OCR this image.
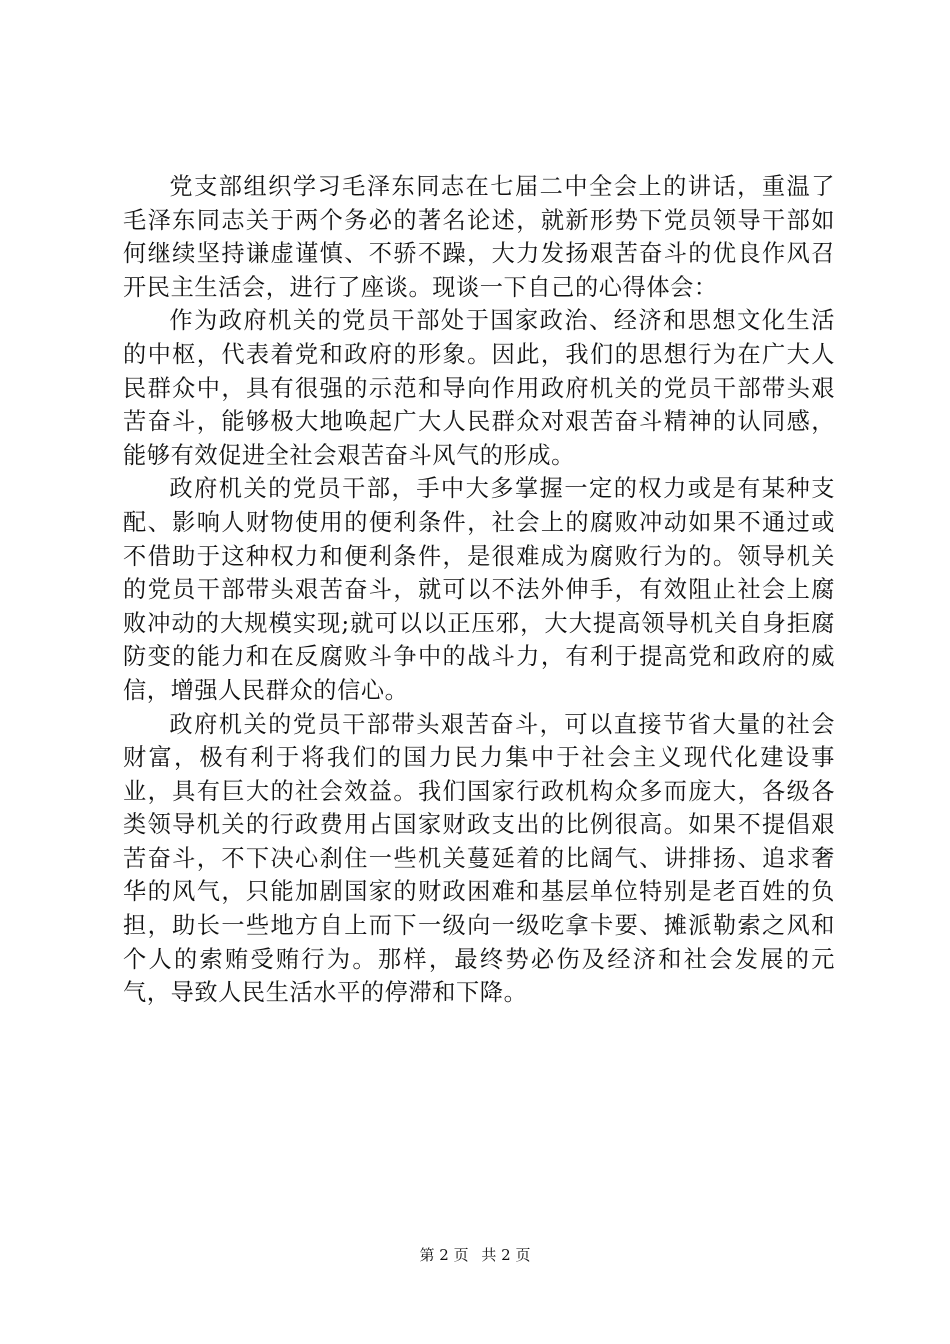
党支部组织学习毛泽东同志在七届二中全会上的讲话，重温了毛泽东同志关于两个务必的著名论述，就新形势下党员领导干部如何继续坚持谦虚谨慎、不骄不躁，大力发扬艰苦奋斗的优良作风召开民主生活会，进行了座谈。现谈一下自己的心得体会：

作为政府机关的党员干部处于国家政治、经济和思想文化生活的中枢，代表着党和政府的形象。因此，我们的思想行为在广大人民群众中，具有很强的示范和导向作用政府机关的党员干部带头艰苦奋斗，能够极大地唤起广大人民群众对艰苦奋斗精神的认同感，能够有效促进全社会艰苦奋斗风气的形成。

政府机关的党员干部，手中大多掌握一定的权力或是有某种支配、影响人财物使用的便利条件，社会上的腐败冲动如果不通过或不借助于这种权力和便利条件，是很难成为腐败行为的。领导机关的党员干部带头艰苦奋斗，就可以不法外伸手，有效阻止社会上腐败冲动的大规模实现;就可以以正压邪，大大提高领导机关自身拒腐防变的能力和在反腐败斗争中的战斗力，有利于提高党和政府的威信，增强人民群众的信心。

政府机关的党员干部带头艰苦奋斗，可以直接节省大量的社会财富，极有利于将我们的国力民力集中于社会主义现代化建设事业，具有巨大的社会效益。我们国家行政机构众多而庞大，各级各类领导机关的行政费用占国家财政支出的比例很高。如果不提倡艰苦奋斗，不下决心刹住一些机关蔓延着的比阔气、讲排扬、追求奢华的风气，只能加剧国家的财政困难和基层单位特别是老百姓的负担，助长一些地方自上而下一级向一级吃拿卡要、摊派勒索之风和个人的索贿受贿行为。那样，最终势必伤及经济和社会发展的元气，导致人民生活水平的停滞和下降。

第 2 页 共 2 页
